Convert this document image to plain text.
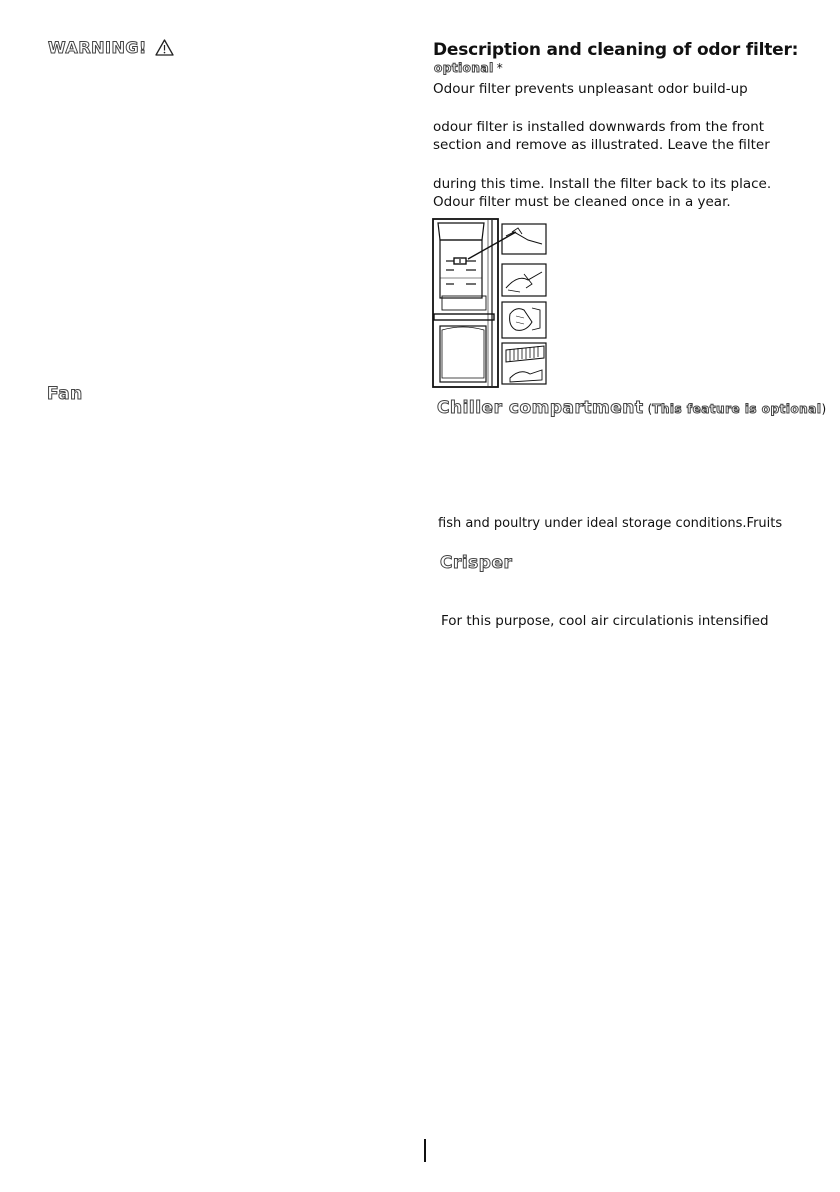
WARNING!
Fan
Description and cleaning of odor filter:
optional *
Odour filter prevents unpleasant odor build-up
odour filter is installed downwards from the front
section and remove as illustrated. Leave the filter
during this time. Install the filter back to its place.
Odour filter must be cleaned once in a year.
Chiller compartment (This feature is optional)
fish and poultry under ideal storage conditions.Fruits
Crisper
For this purpose, cool air circulationis intensified
